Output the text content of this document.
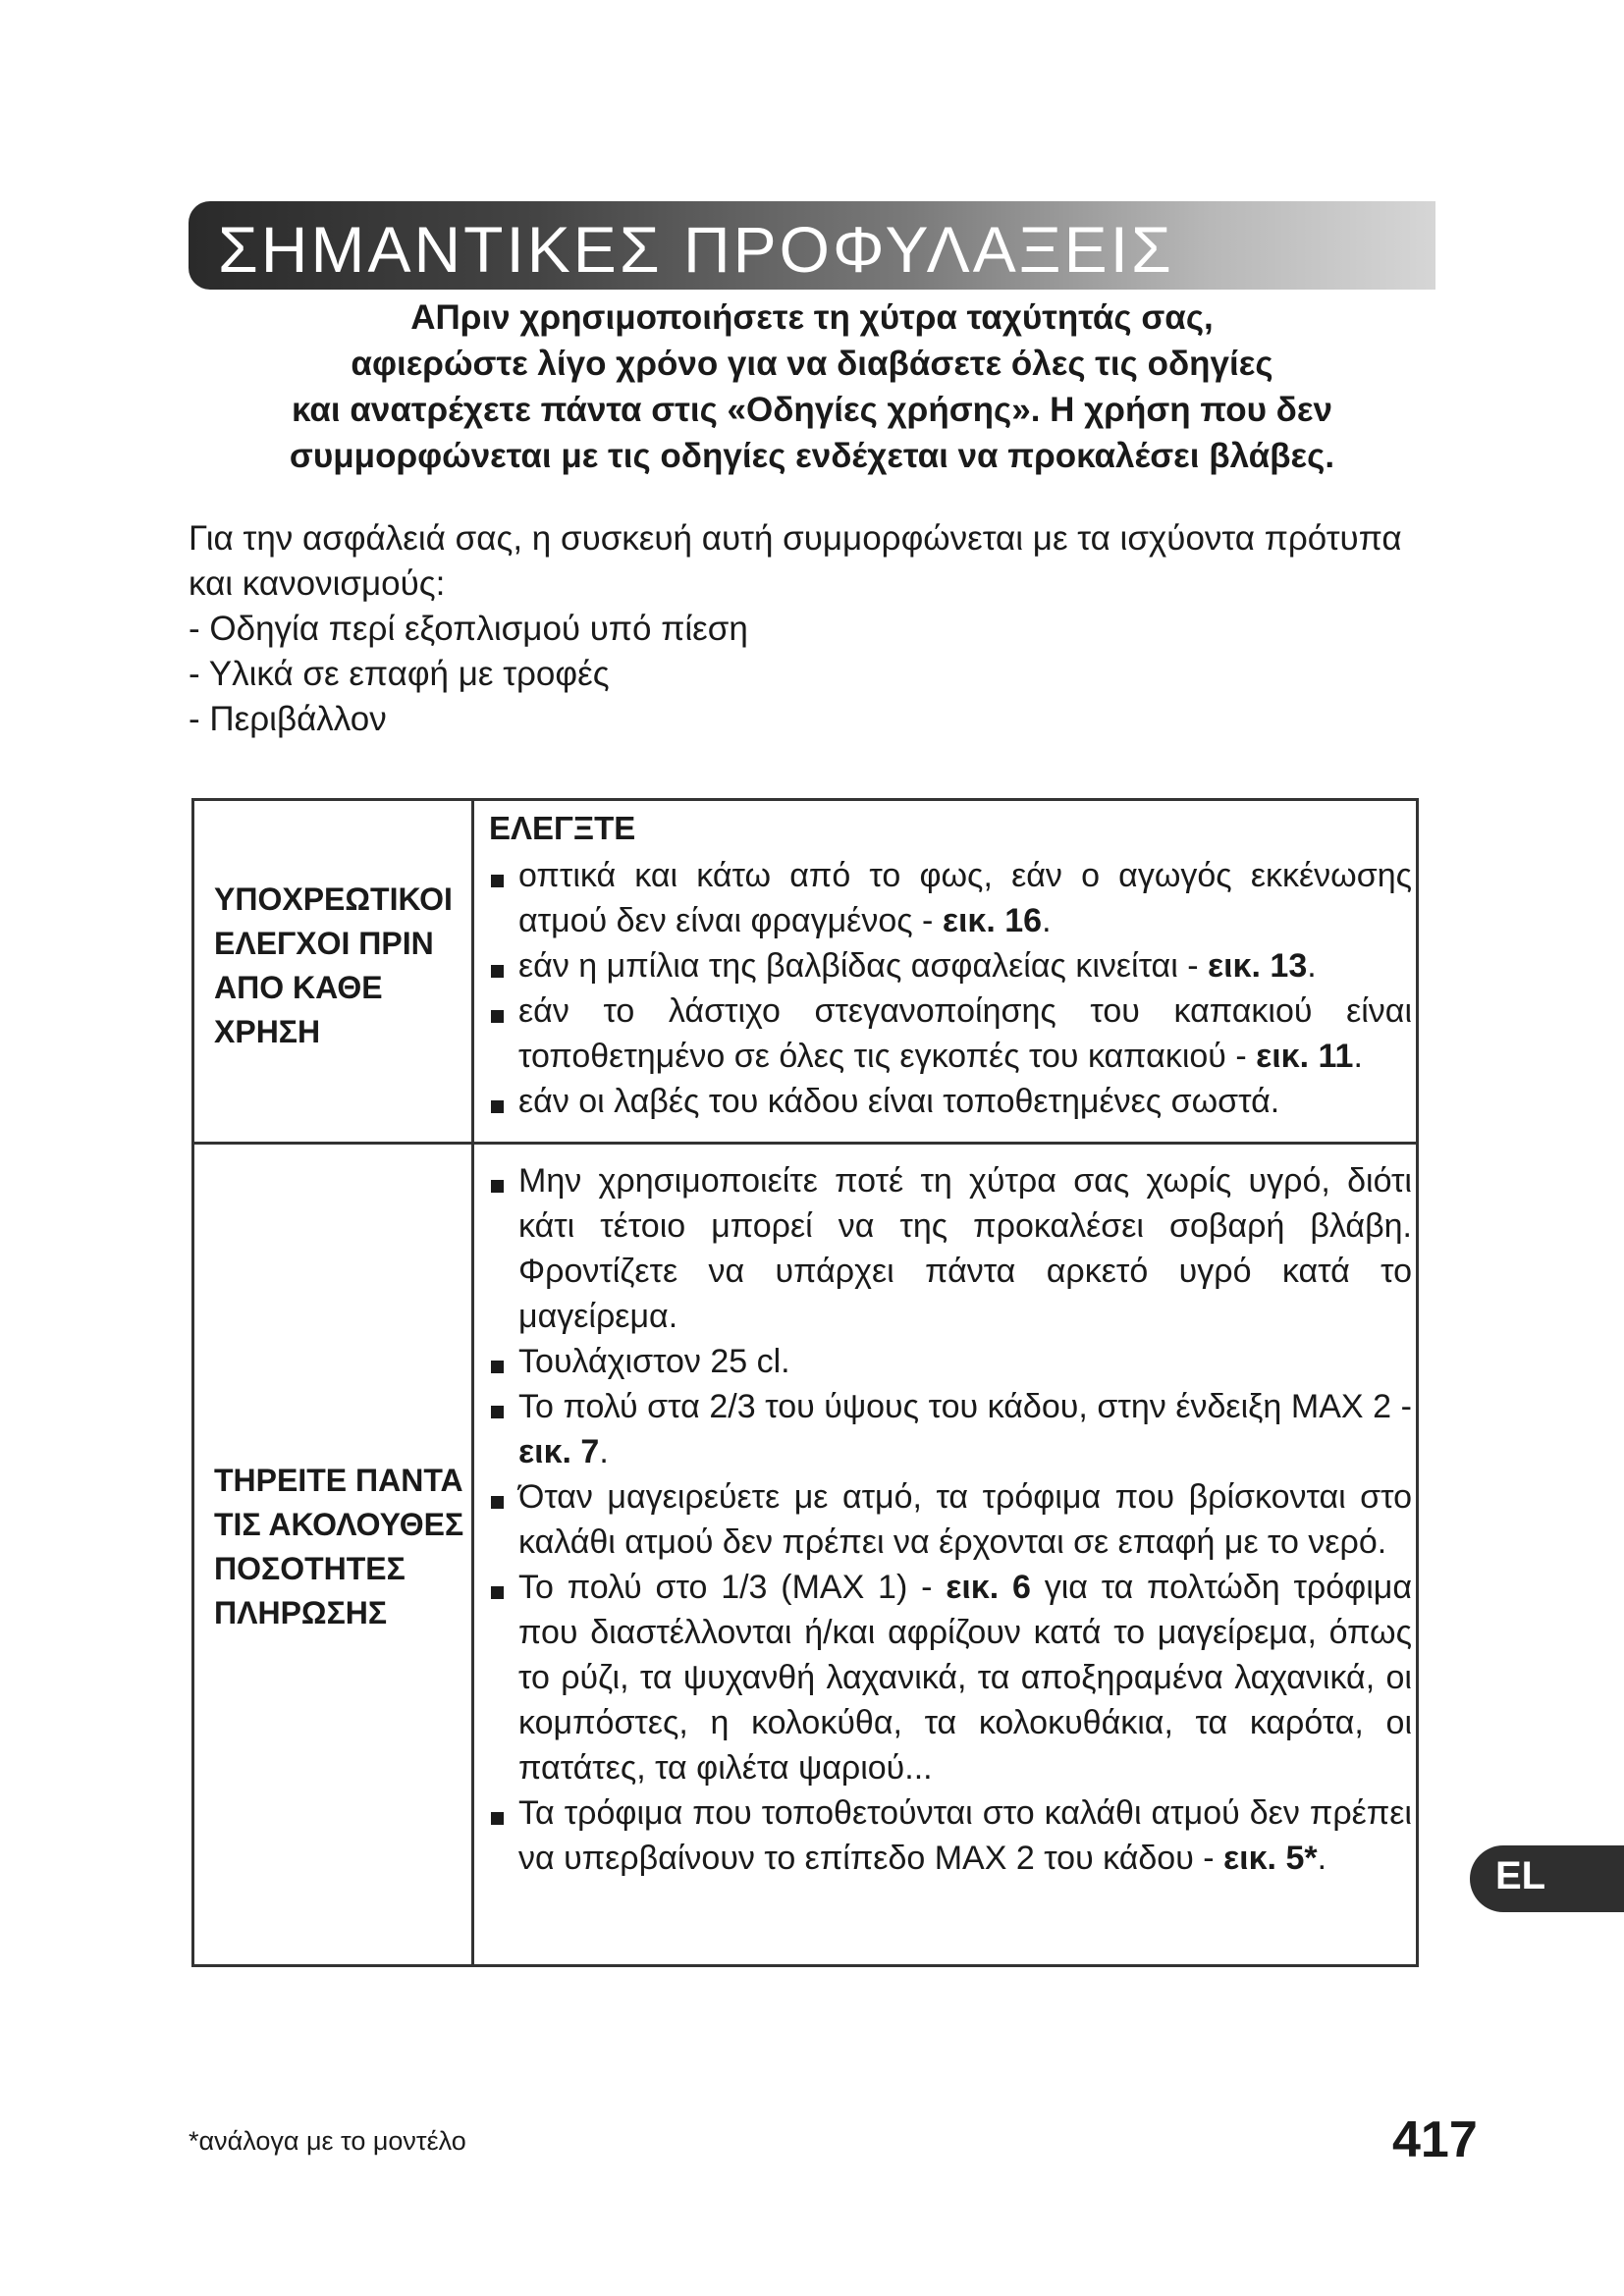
ΣΗΜΑΝΤΙΚΕΣ ΠΡΟΦΥΛΑΞΕΙΣ
ΑΠριν χρησιμοποιήσετε τη χύτρα ταχύτητάς σας,
αφιερώστε λίγο χρόνο για να διαβάσετε όλες τις οδηγίες
και ανατρέχετε πάντα στις «Οδηγίες χρήσης». Η χρήση που δεν
συμμορφώνεται με τις οδηγίες ενδέχεται να προκαλέσει βλάβες.
Για την ασφάλειά σας, η συσκευή αυτή συμμορφώνεται με τα ισχύοντα πρότυπα
και κανονισμούς:
- Οδηγία περί εξοπλισμού υπό πίεση
- Υλικά σε επαφή με τροφές
- Περιβάλλον
ΥΠΟΧΡΕΩΤΙΚΟΙ
ΕΛΕΓΧΟΙ ΠΡΙΝ
ΑΠΟ ΚΑΘΕ
ΧΡΗΣΗ
ΕΛΕΓΞΤΕ
οπτικά και κάτω από το φως, εάν ο αγωγός εκκένωσης ατμού δεν είναι φραγμένος - εικ. 16.
εάν η μπίλια της βαλβίδας ασφαλείας κινείται - εικ. 13.
εάν το λάστιχο στεγανοποίησης του καπακιού είναι τοποθετημένο σε όλες τις εγκοπές του καπακιού - εικ. 11.
εάν οι λαβές του κάδου είναι τοποθετημένες σωστά.
ΤΗΡΕΙΤΕ ΠΑΝΤΑ
ΤΙΣ ΑΚΟΛΟΥΘΕΣ
ΠΟΣΟΤΗΤΕΣ
ΠΛΗΡΩΣΗΣ
Μην χρησιμοποιείτε ποτέ τη χύτρα σας χωρίς υγρό, διότι κάτι τέτοιο μπορεί να της προκαλέσει σοβαρή βλάβη. Φροντίζετε να υπάρχει πάντα αρκετό υγρό κατά το μαγείρεμα.
Τουλάχιστον 25 cl.
Το πολύ στα 2/3 του ύψους του κάδου, στην ένδειξη MAX 2 - εικ. 7.
Όταν μαγειρεύετε με ατμό, τα τρόφιμα που βρίσκονται στο καλάθι ατμού δεν πρέπει να έρχονται σε επαφή με το νερό.
Το πολύ στο 1/3 (MAX 1) - εικ. 6 για τα πολτώδη τρόφιμα που διαστέλλονται ή/και αφρίζουν κατά το μαγείρεμα, όπως το ρύζι, τα ψυχανθή λαχανικά, τα αποξηραμένα λαχανικά, οι κομπόστες, η κολοκύθα, τα κολοκυθάκια, τα καρότα, οι πατάτες, τα φιλέτα ψαριού...
Τα τρόφιμα που τοποθετούνται στο καλάθι ατμού δεν πρέπει να υπερβαίνουν το επίπεδο MAX 2 του κάδου - εικ. 5*.	EL
*ανάλογα με το μοντέλο	417
